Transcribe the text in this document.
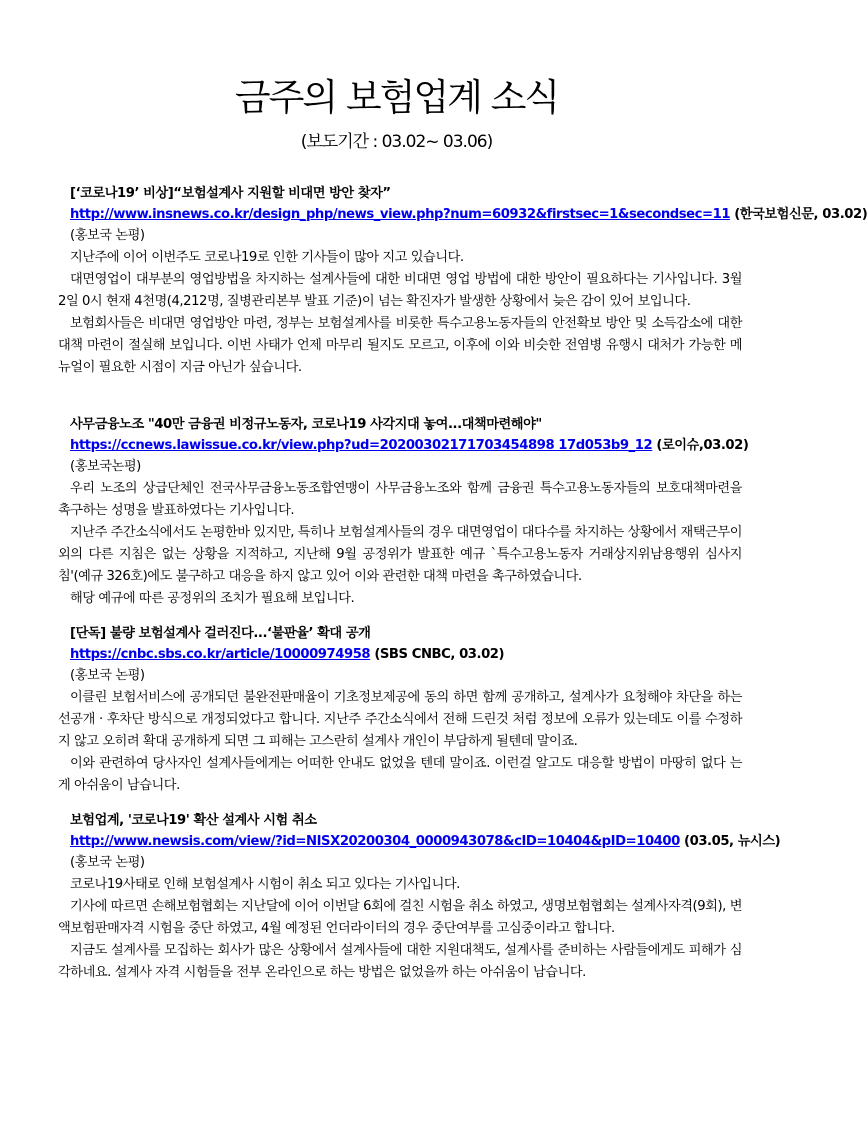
금주의 보험업계 소식
(보도기간 : 03.02~ 03.06)
[‘코로나19’ 비상]“보험설계사 지원할 비대면 방안 찾자”
http://www.insnews.co.kr/design_php/news_view.php?num=60932&firstsec=1&secondsec=11 (한국보험신문, 03.02)
(홍보국 논평)

지난주에 이어 이번주도 코로나19로 인한 기사들이 많아 지고 있습니다.

대면영업이 대부분의 영업방법을 차지하는 설계사들에 대한 비대면 영업 방법에 대한 방안이 필요하다는 기사입니다. 3월 2일 0시 현재 4천명(4,212명, 질병관리본부 발표 기준)이 넘는 확진자가 발생한 상황에서 늦은 감이 있어 보입니다.

보험회사들은 비대면 영업방안 마련, 정부는 보험설계사를 비롯한 특수고용노동자들의 안전확보 방안 및 소득감소에 대한 대책 마련이 절실해 보입니다. 이번 사태가 언제 마무리 될지도 모르고, 이후에 이와 비슷한 전염병 유행시 대처가 가능한 메뉴얼이 필요한 시점이 지금 아닌가 싶습니다.

사무금융노조 "40만 금융권 비정규노동자, 코로나19 사각지대 놓여...대책마련해야"
https://ccnews.lawissue.co.kr/view.php?ud=20200302171703454898 17d053b9_12 (로이슈,03.02)
(홍보국논평)

우리 노조의 상급단체인 전국사무금융노동조합연맹이 사무금융노조와 함께 금융권 특수고용노동자들의 보호대책마련을 촉구하는 성명을 발표하였다는 기사입니다.

지난주 주간소식에서도 논평한바 있지만, 특히나 보험설계사들의 경우 대면영업이 대다수를 차지하는 상황에서 재택근무이외의 다른 지침은 없는 상황을 지적하고, 지난해 9월 공정위가 발표한 예규 `특수고용노동자 거래상지위남용행위 심사지침'(예규 326호)에도 불구하고 대응을 하지 않고 있어 이와 관련한 대책 마련을 촉구하였습니다.

해당 예규에 따른 공정위의 조치가 필요해 보입니다.

[단독] 불량 보험설계사 걸러진다...‘불판율’ 확대 공개
https://cnbc.sbs.co.kr/article/10000974958 (SBS CNBC, 03.02)
(홍보국 논평)

이클린 보험서비스에 공개되던 불완전판매율이 기초정보제공에 동의 하면 함께 공개하고, 설계사가 요청해야 차단을 하는 선공개 · 후차단 방식으로 개정되었다고 합니다. 지난주 주간소식에서 전해 드린것 처럼 정보에 오류가 있는데도 이를 수정하지 않고 오히려 확대 공개하게 되면 그 피해는 고스란히 설계사 개인이 부담하게 될텐데 말이죠.

이와 관련하여 당사자인 설계사들에게는 어떠한 안내도 없었을 텐데 말이죠. 이런걸 알고도 대응할 방법이 마땅히 없다 는게 아쉬움이 남습니다.

보험업계, '코로나19' 확산 설계사 시험 취소
http://www.newsis.com/view/?id=NISX20200304_0000943078&cID=10404&pID=10400 (03.05, 뉴시스)
(홍보국 논평)

코로나19사태로 인해 보험설계사 시험이 취소 되고 있다는 기사입니다.

기사에 따르면 손해보험협회는 지난달에 이어 이번달 6회에 걸친 시험을 취소 하였고, 생명보험협회는 설계사자격(9회), 변액보험판매자격 시험을 중단 하였고, 4월 예정된 언더라이터의 경우 중단여부를 고심중이라고 합니다.

지금도 설계사를 모집하는 회사가 많은 상황에서 설계사들에 대한 지원대책도, 설계사를 준비하는 사람들에게도 피해가 심각하네요. 설계사 자격 시험들을 전부 온라인으로 하는 방법은 없었을까 하는 아쉬움이 남습니다.
